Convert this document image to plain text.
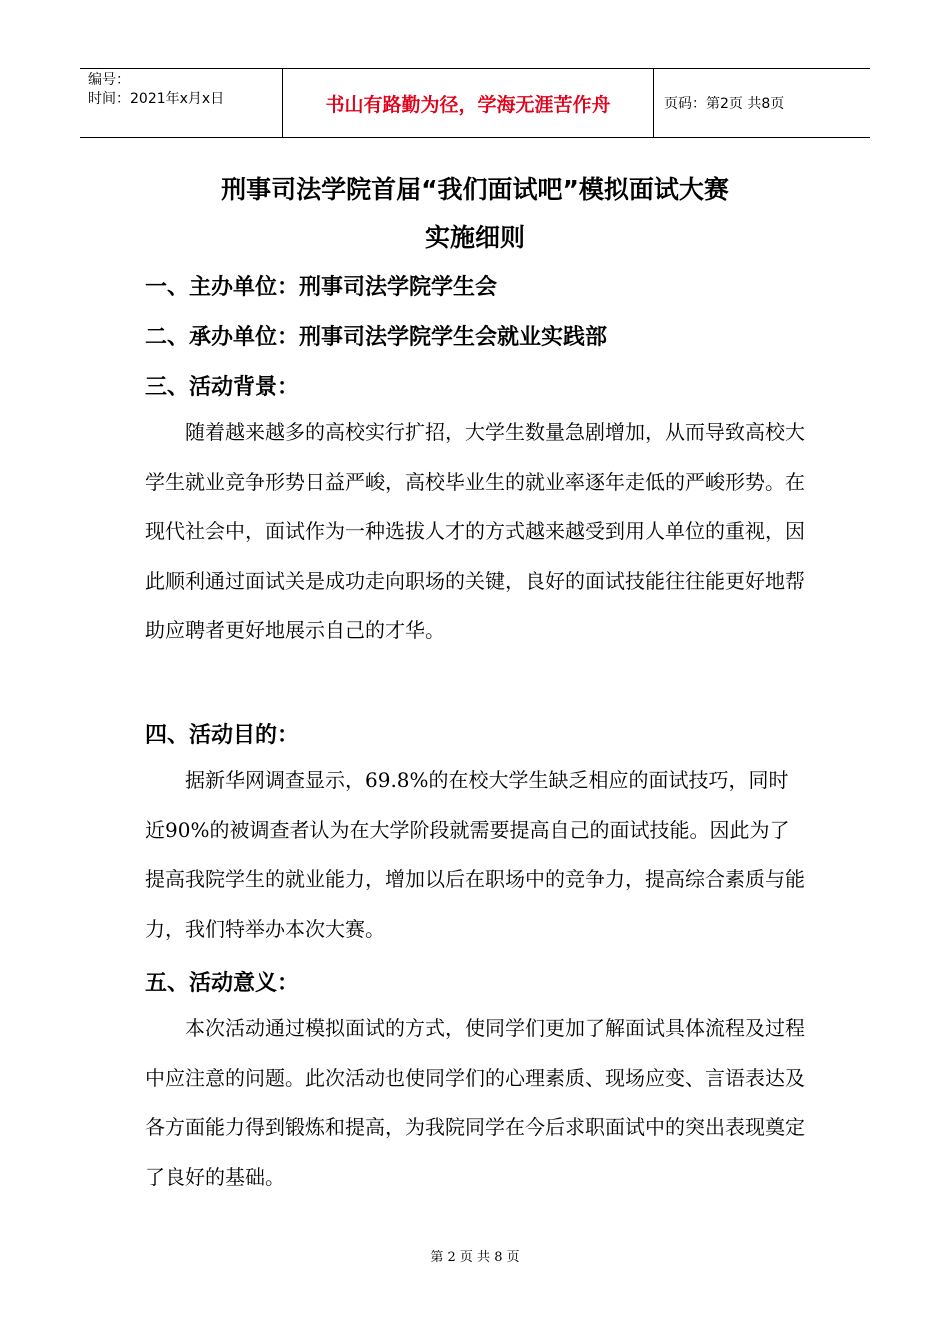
编号：
时间：2021年x月x日	书山有路勤为径，学海无涯苦作舟	页码：第2页 共8页
刑事司法学院首届“我们面试吧”模拟面试大赛
实施细则
一、主办单位：刑事司法学院学生会
二、承办单位：刑事司法学院学生会就业实践部
三、活动背景：

随着越来越多的高校实行扩招，大学生数量急剧增加，从而导致高校大学生就业竞争形势日益严峻，高校毕业生的就业率逐年走低的严峻形势。在现代社会中，面试作为一种选拔人才的方式越来越受到用人单位的重视，因此顺利通过面试关是成功走向职场的关键，良好的面试技能往往能更好地帮助应聘者更好地展示自己的才华。

四、活动目的：

据新华网调查显示，69.8%的在校大学生缺乏相应的面试技巧，同时近90%的被调查者认为在大学阶段就需要提高自己的面试技能。因此为了提高我院学生的就业能力，增加以后在职场中的竞争力，提高综合素质与能力，我们特举办本次大赛。

五、活动意义：

本次活动通过模拟面试的方式，使同学们更加了解面试具体流程及过程中应注意的问题。此次活动也使同学们的心理素质、现场应变、言语表达及各方面能力得到锻炼和提高，为我院同学在今后求职面试中的突出表现奠定了良好的基础。

第 2 页 共 8 页
